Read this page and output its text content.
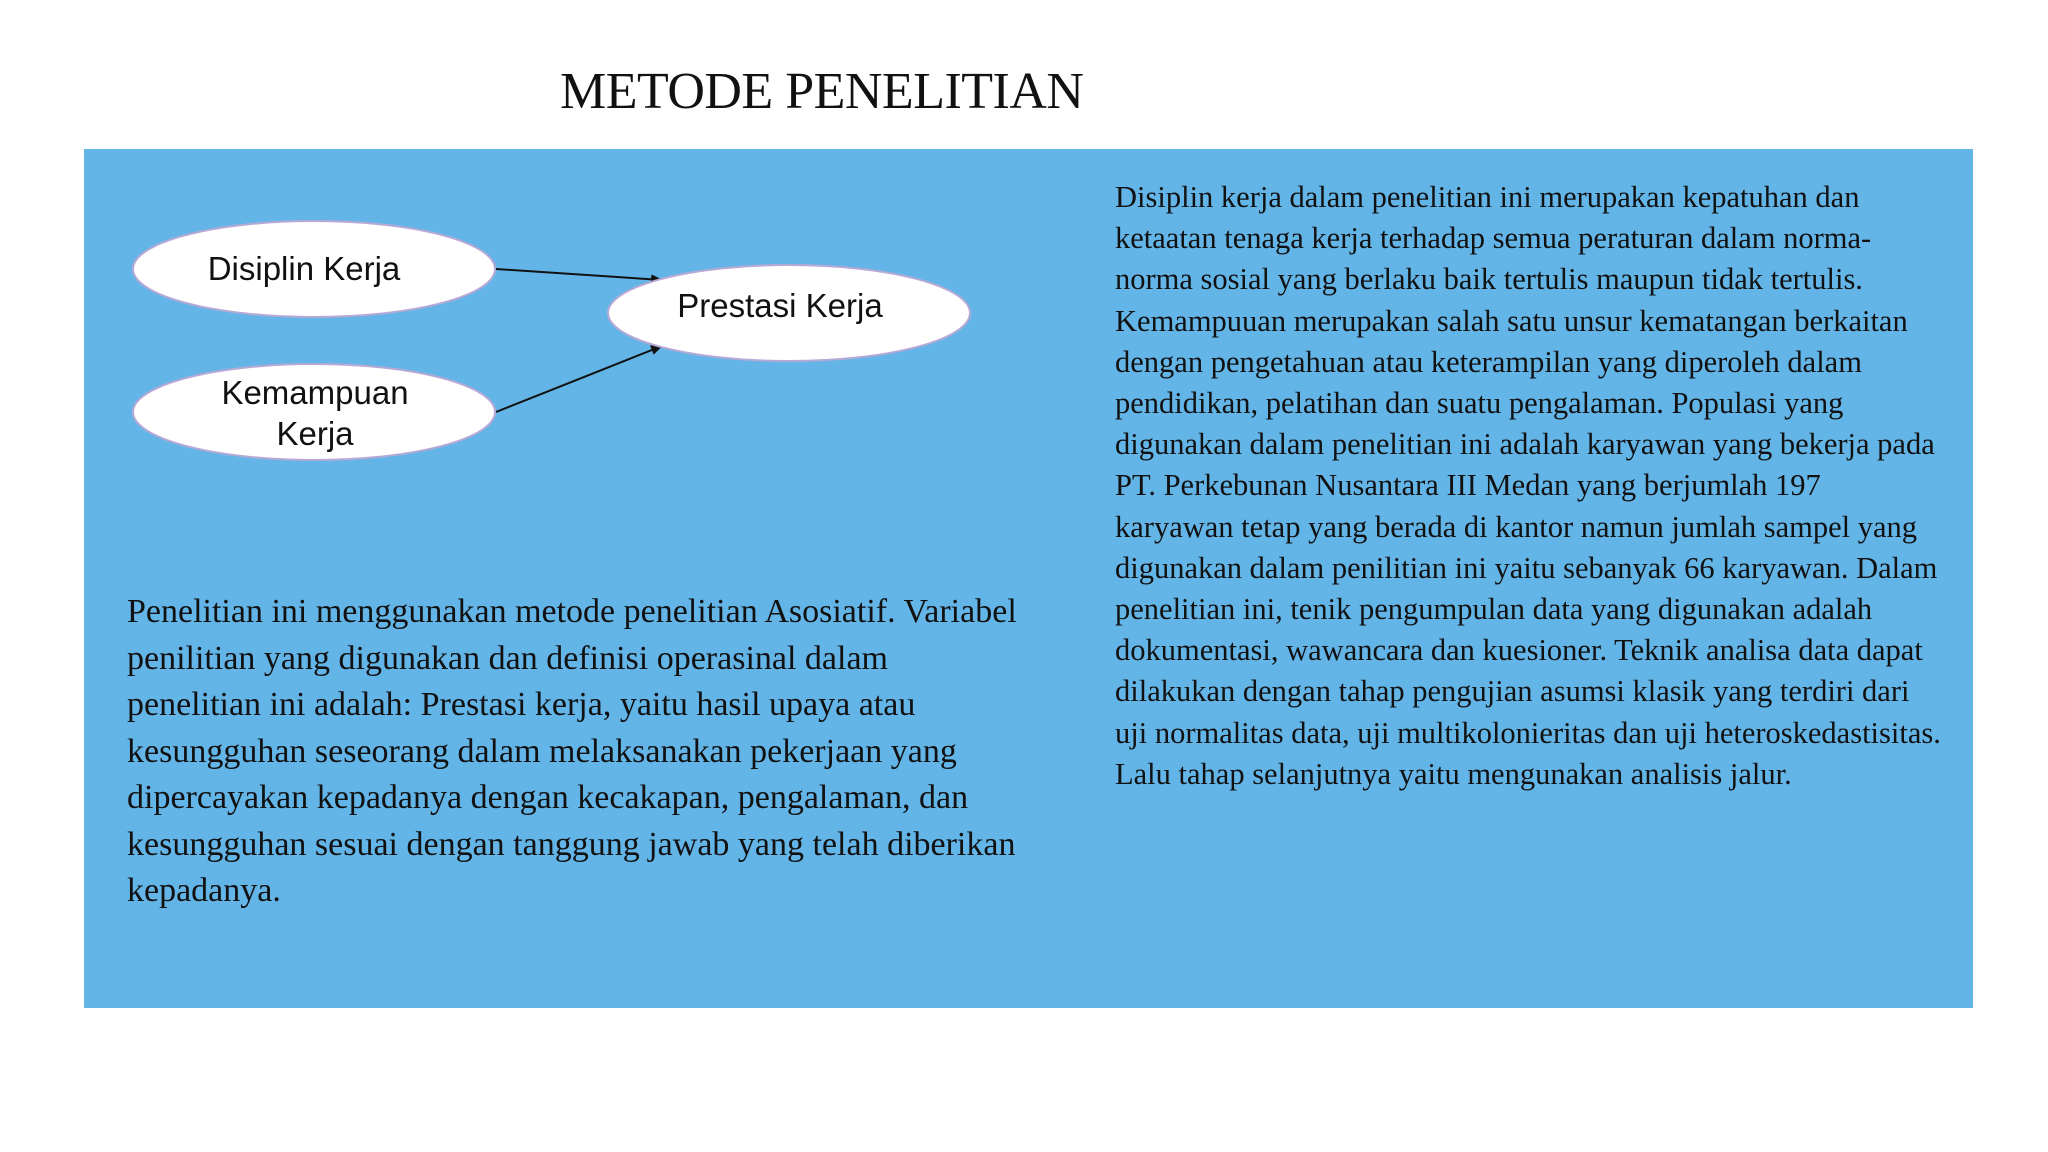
METODE PENELITIAN
Disiplin Kerja
Kemampuan
Kerja
Prestasi Kerja
Penelitian ini menggunakan metode penelitian Asosiatif. Variabel penilitian yang digunakan dan definisi operasinal dalam penelitian ini adalah: Prestasi kerja, yaitu hasil upaya atau kesungguhan seseorang dalam melaksanakan pekerjaan yang dipercayakan kepadanya dengan kecakapan, pengalaman, dan kesungguhan sesuai dengan tanggung jawab yang telah diberikan kepadanya.
Disiplin kerja dalam penelitian ini merupakan kepatuhan dan ketaatan tenaga kerja terhadap semua peraturan dalam norma-norma sosial yang berlaku baik tertulis maupun tidak tertulis. Kemampuuan merupakan salah satu unsur kematangan berkaitan dengan pengetahuan atau keterampilan yang diperoleh dalam pendidikan, pelatihan dan suatu pengalaman. Populasi yang digunakan dalam penelitian ini adalah karyawan yang bekerja pada PT. Perkebunan Nusantara III Medan yang berjumlah 197 karyawan tetap yang berada di kantor namun jumlah sampel yang digunakan dalam penilitian ini yaitu sebanyak 66 karyawan. Dalam penelitian ini, tenik pengumpulan data yang digunakan adalah dokumentasi, wawancara dan kuesioner. Teknik analisa data dapat dilakukan dengan tahap pengujian asumsi klasik yang terdiri dari uji normalitas data, uji multikolonieritas dan uji heteroskedastisitas. Lalu tahap selanjutnya yaitu mengunakan analisis jalur.
